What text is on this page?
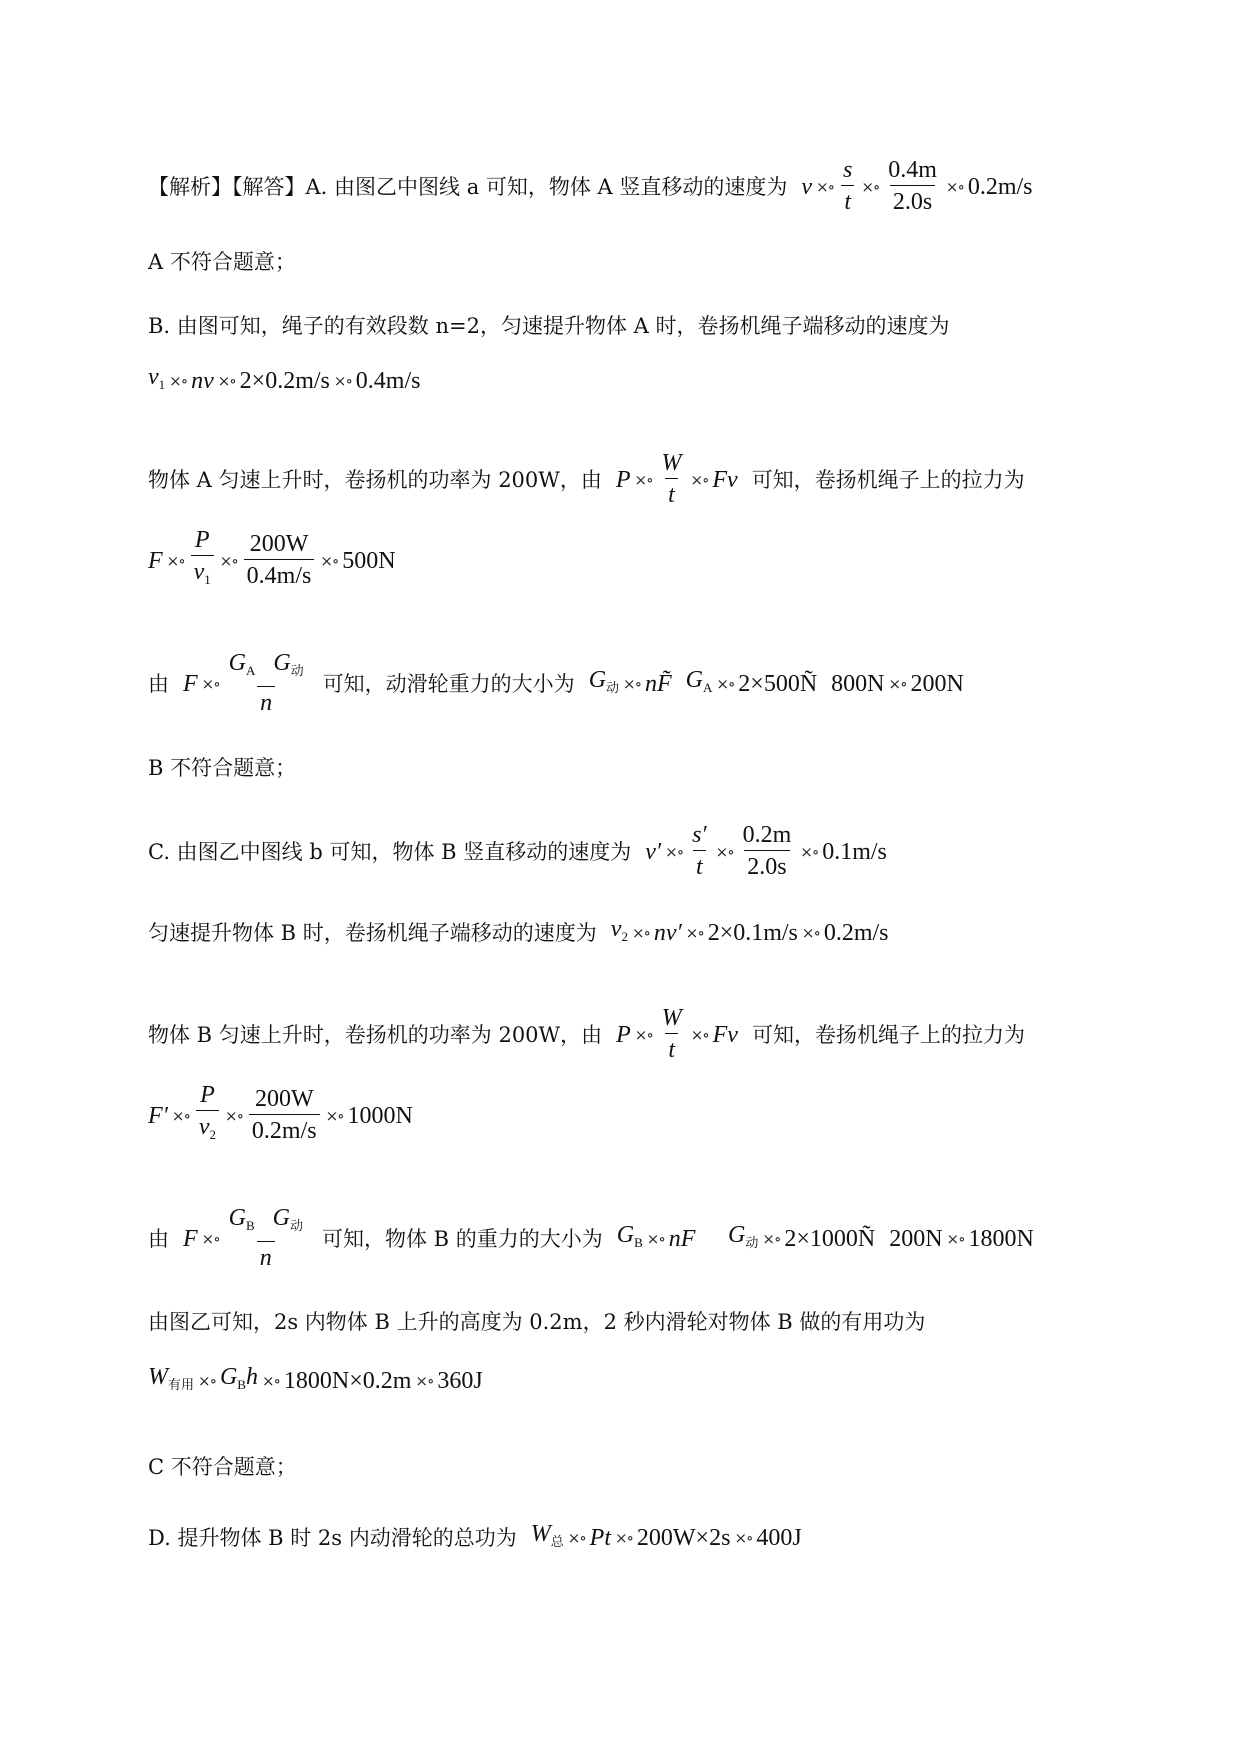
【解析】【解答】A. 由图乙中图线 a 可知，物体 A 竖直移动的速度为 v ×∘ $\frac{s}{t}$ ×∘ $\frac{0.4m}{2.0s}$ ×∘ 0.2m/s
A 不符合题意；
B. 由图可知，绳子的有效段数 n=2，匀速提升物体 A 时，卷扬机绳子端移动的速度为
$v_1$ ×∘ nv ×∘ 2×0.2m/s ×∘ 0.4m/s
物体 A 匀速上升时，卷扬机的功率为 200W，由 P ×∘ $\frac{W}{t}$ ×∘ Fv 可知，卷扬机绳子上的拉力为
F ×∘ $\frac{P}{v_1}$ ×∘ $\frac{200W}{0.4m/s}$ ×∘ 500N
由 F ×∘ $\frac{G_A G_动}{n}$ 可知，动滑轮重力的大小为 $G_动$ ×∘ nF̃ $G_A$ ×∘ 2×500Ñ 800N ×∘ 200N
B 不符合题意；
C. 由图乙中图线 b 可知，物体 B 竖直移动的速度为 v′ ×∘ $\frac{s'}{t}$ ×∘ $\frac{0.2m}{2.0s}$ ×∘ 0.1m/s
匀速提升物体 B 时，卷扬机绳子端移动的速度为 $v_2$ ×∘ nv′ ×∘ 2×0.1m/s ×∘ 0.2m/s
物体 B 匀速上升时，卷扬机的功率为 200W，由 P ×∘ $\frac{W}{t}$ ×∘ Fv 可知，卷扬机绳子上的拉力为
F′ ×∘ $\frac{P}{v_2}$ ×∘ $\frac{200W}{0.2m/s}$ ×∘ 1000N
由 F ×∘ $\frac{G_B G_动}{n}$ 可知，物体 B 的重力的大小为 $G_B$ ×∘ nF⃗ $G_动$ ×∘ 2×1000Ñ 200N ×∘ 1800N
由图乙可知，2s 内物体 B 上升的高度为 0.2m，2 秒内滑轮对物体 B 做的有用功为
$W_{有用}$ ×∘ $G_Bh$ ×∘ 1800N×0.2m ×∘ 360J
C 不符合题意；
D. 提升物体 B 时 2s 内动滑轮的总功为 $W_总$ ×∘ Pt ×∘ 200W×2s ×∘ 400J
